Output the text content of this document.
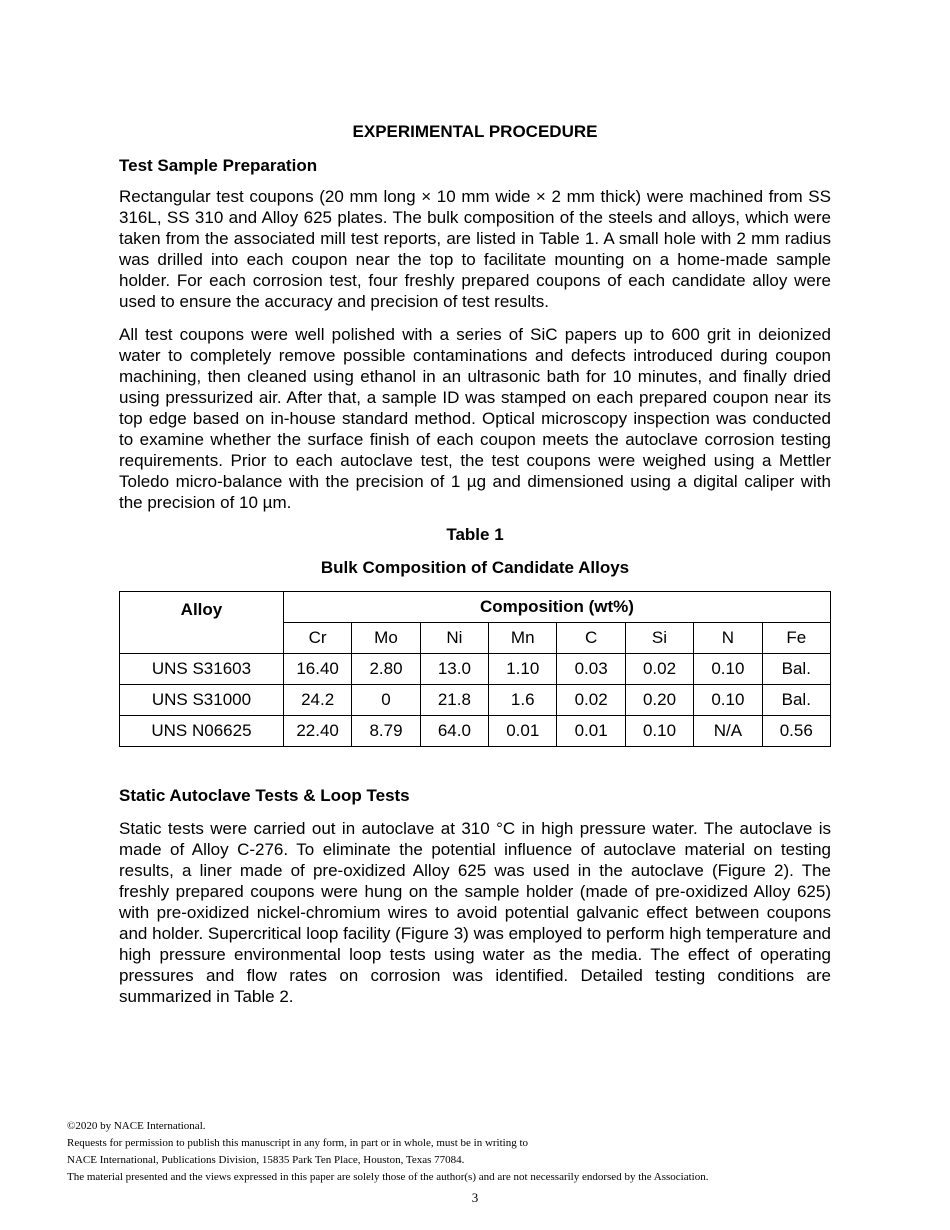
EXPERIMENTAL PROCEDURE
Test Sample Preparation

Rectangular test coupons (20 mm long × 10 mm wide × 2 mm thick) were machined from SS 316L, SS 310 and Alloy 625 plates. The bulk composition of the steels and alloys, which were taken from the associated mill test reports, are listed in Table 1. A small hole with 2 mm radius was drilled into each coupon near the top to facilitate mounting on a home-made sample holder. For each corrosion test, four freshly prepared coupons of each candidate alloy were used to ensure the accuracy and precision of test results.

All test coupons were well polished with a series of SiC papers up to 600 grit in deionized water to completely remove possible contaminations and defects introduced during coupon machining, then cleaned using ethanol in an ultrasonic bath for 10 minutes, and finally dried using pressurized air. After that, a sample ID was stamped on each prepared coupon near its top edge based on in-house standard method. Optical microscopy inspection was conducted to examine whether the surface finish of each coupon meets the autoclave corrosion testing requirements. Prior to each autoclave test, the test coupons were weighed using a Mettler Toledo micro-balance with the precision of 1 µg and dimensioned using a digital caliper with the precision of 10 µm.

Table 1
Bulk Composition of Candidate Alloys
Alloy	Composition (wt%)							
	Cr	Mo	Ni	Mn	C	Si	N	Fe
UNS S31603	16.40	2.80	13.0	1.10	0.03	0.02	0.10	Bal.
UNS S31000	24.2	0	21.8	1.6	0.02	0.20	0.10	Bal.
UNS N06625	22.40	8.79	64.0	0.01	0.01	0.10	N/A	0.56
Static Autoclave Tests & Loop Tests

Static tests were carried out in autoclave at 310 °C in high pressure water. The autoclave is made of Alloy C-276. To eliminate the potential influence of autoclave material on testing results, a liner made of pre-oxidized Alloy 625 was used in the autoclave (Figure 2). The freshly prepared coupons were hung on the sample holder (made of pre-oxidized Alloy 625) with pre-oxidized nickel-chromium wires to avoid potential galvanic effect between coupons and holder. Supercritical loop facility (Figure 3) was employed to perform high temperature and high pressure environmental loop tests using water as the media. The effect of operating pressures and flow rates on corrosion was identified. Detailed testing conditions are summarized in Table 2.

©2020 by NACE International.
Requests for permission to publish this manuscript in any form, in part or in whole, must be in writing to
NACE International, Publications Division, 15835 Park Ten Place, Houston, Texas 77084.
The material presented and the views expressed in this paper are solely those of the author(s) and are not necessarily endorsed by the Association.
3
